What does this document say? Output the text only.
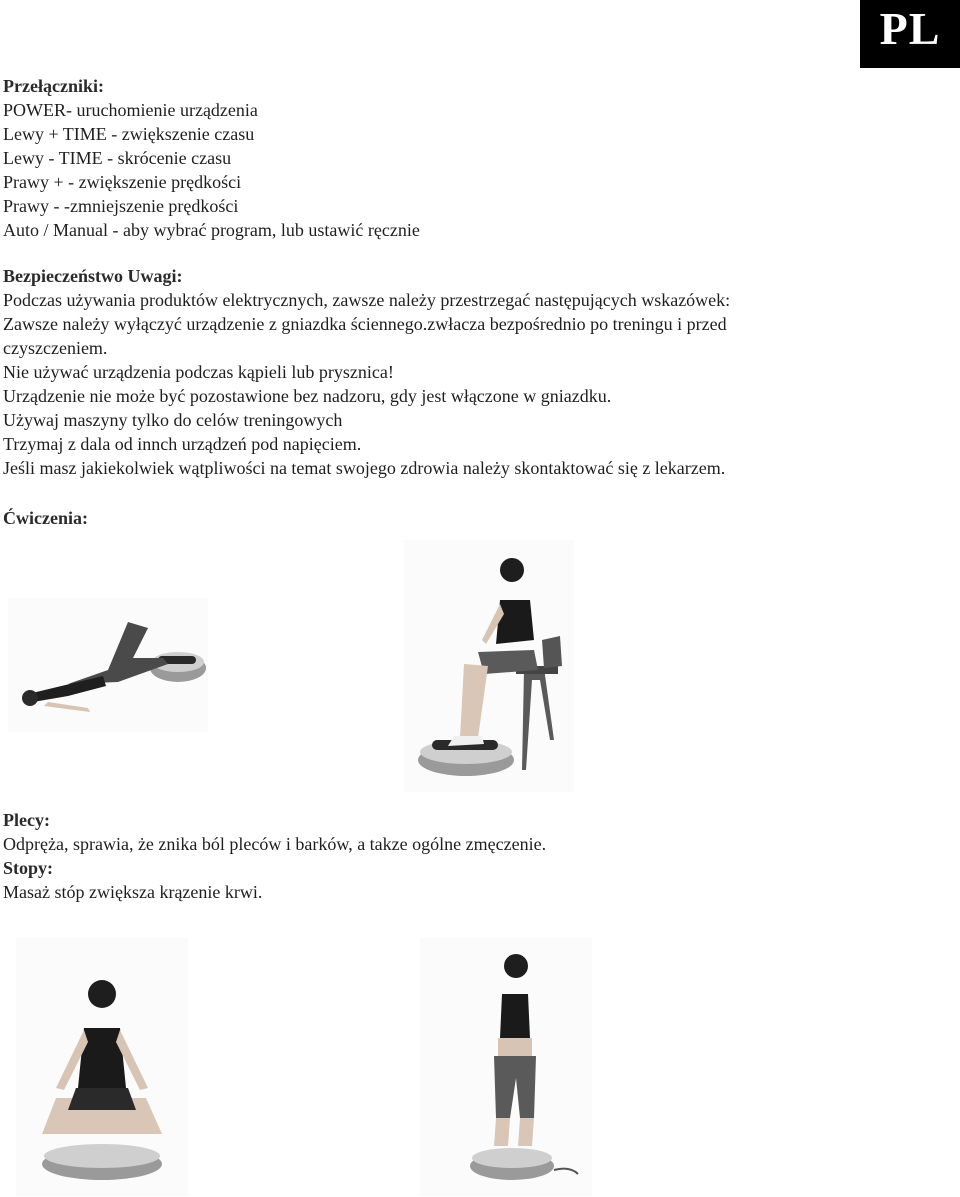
PL
Przełączniki:
POWER- uruchomienie urządzenia
Lewy + TIME - zwiększenie czasu
Lewy - TIME - skrócenie czasu
Prawy + - zwiększenie prędkości
Prawy - -zmniejszenie prędkości
Auto / Manual - aby wybrać program, lub ustawić ręcznie
Bezpieczeństwo Uwagi:
Podczas używania produktów elektrycznych, zawsze należy przestrzegać następujących wskazówek:
Zawsze należy wyłączyć urządzenie z gniazdka ściennego.zwłacza bezpośrednio po treningu i przed
czyszczeniem.
Nie używać urządzenia podczas kąpieli lub prysznica!
Urządzenie nie może być pozostawione bez nadzoru, gdy jest włączone w gniazdku.
Używaj maszyny tylko do celów treningowych
Trzymaj z dala od innch urządzeń pod napięciem.
Jeśli masz jakiekolwiek wątpliwości na temat swojego zdrowia należy skontaktować się z lekarzem.
Ćwiczenia:
Plecy:
Odpręża, sprawia, że znika ból pleców i barków, a takze ogólne zmęczenie.
Stopy:
Masaż stóp zwiększa krązenie krwi.
